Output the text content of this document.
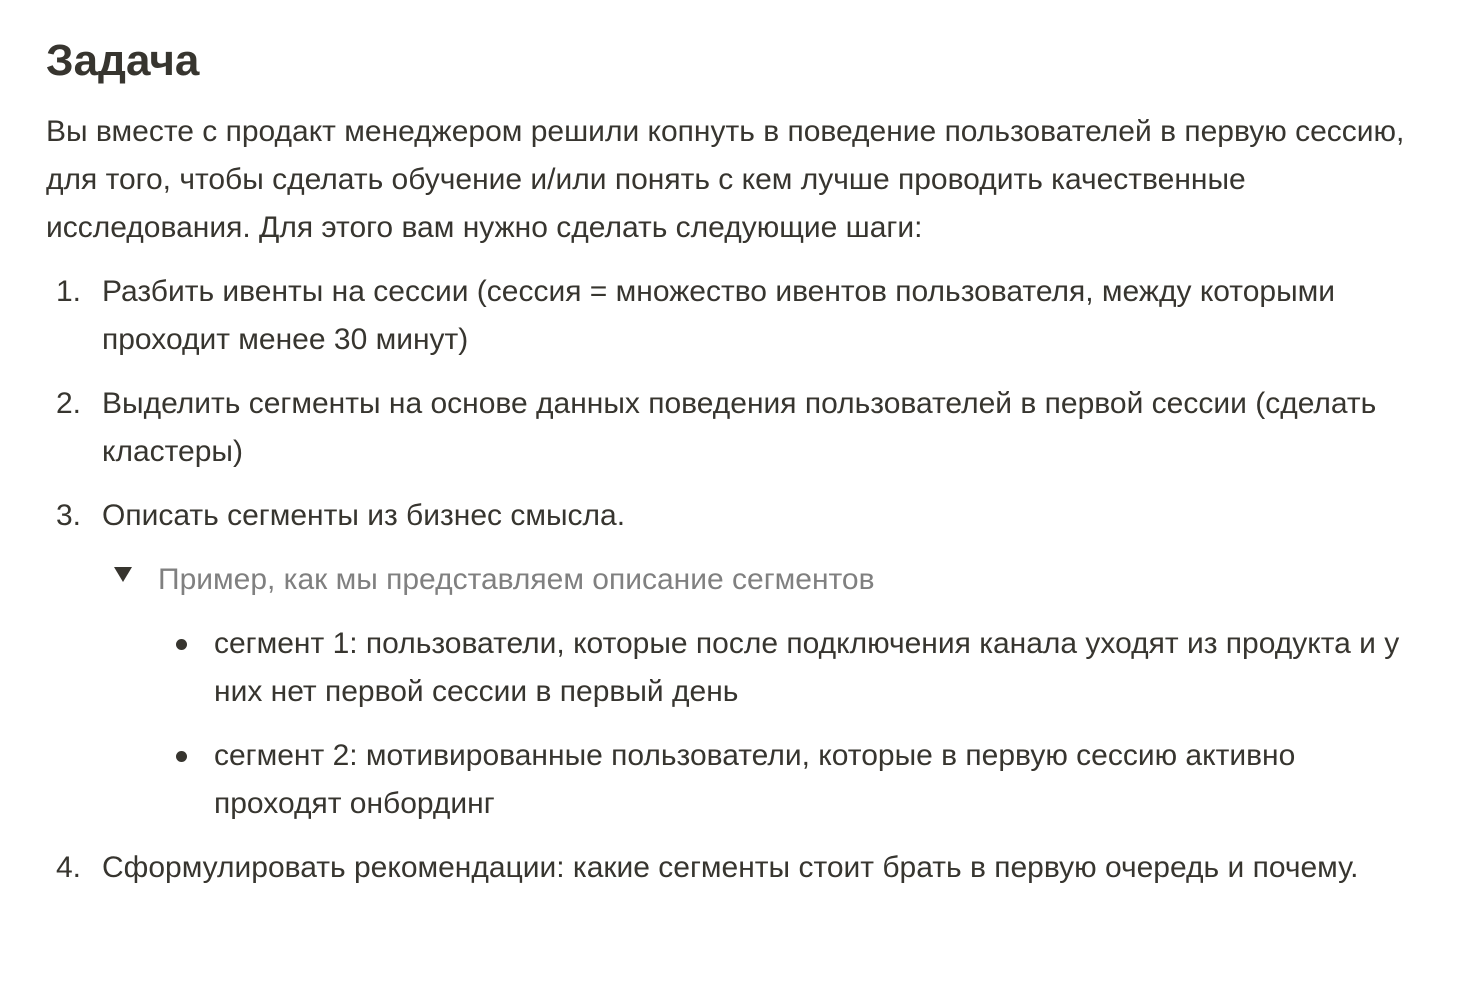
Задача

Вы вместе с продакт менеджером решили копнуть в поведение пользователей в первую сессию, для того, чтобы сделать обучение и/или понять с кем лучше проводить качественные исследования. Для этого вам нужно сделать следующие шаги:

1. Разбить ивенты на сессии (сессия = множество ивентов пользователя, между которыми проходит менее 30 минут)
2. Выделить сегменты на основе данных поведения пользователей в первой сессии (сделать кластеры)
3. Описать сегменты из бизнес смысла.
Пример, как мы представляем описание сегментов
сегмент 1: пользователи, которые после подключения канала уходят из продукта и у них нет первой сессии в первый день
сегмент 2: мотивированные пользователи, которые в первую сессию активно проходят онбординг
4. Сформулировать рекомендации: какие сегменты стоит брать в первую очередь и почему.
